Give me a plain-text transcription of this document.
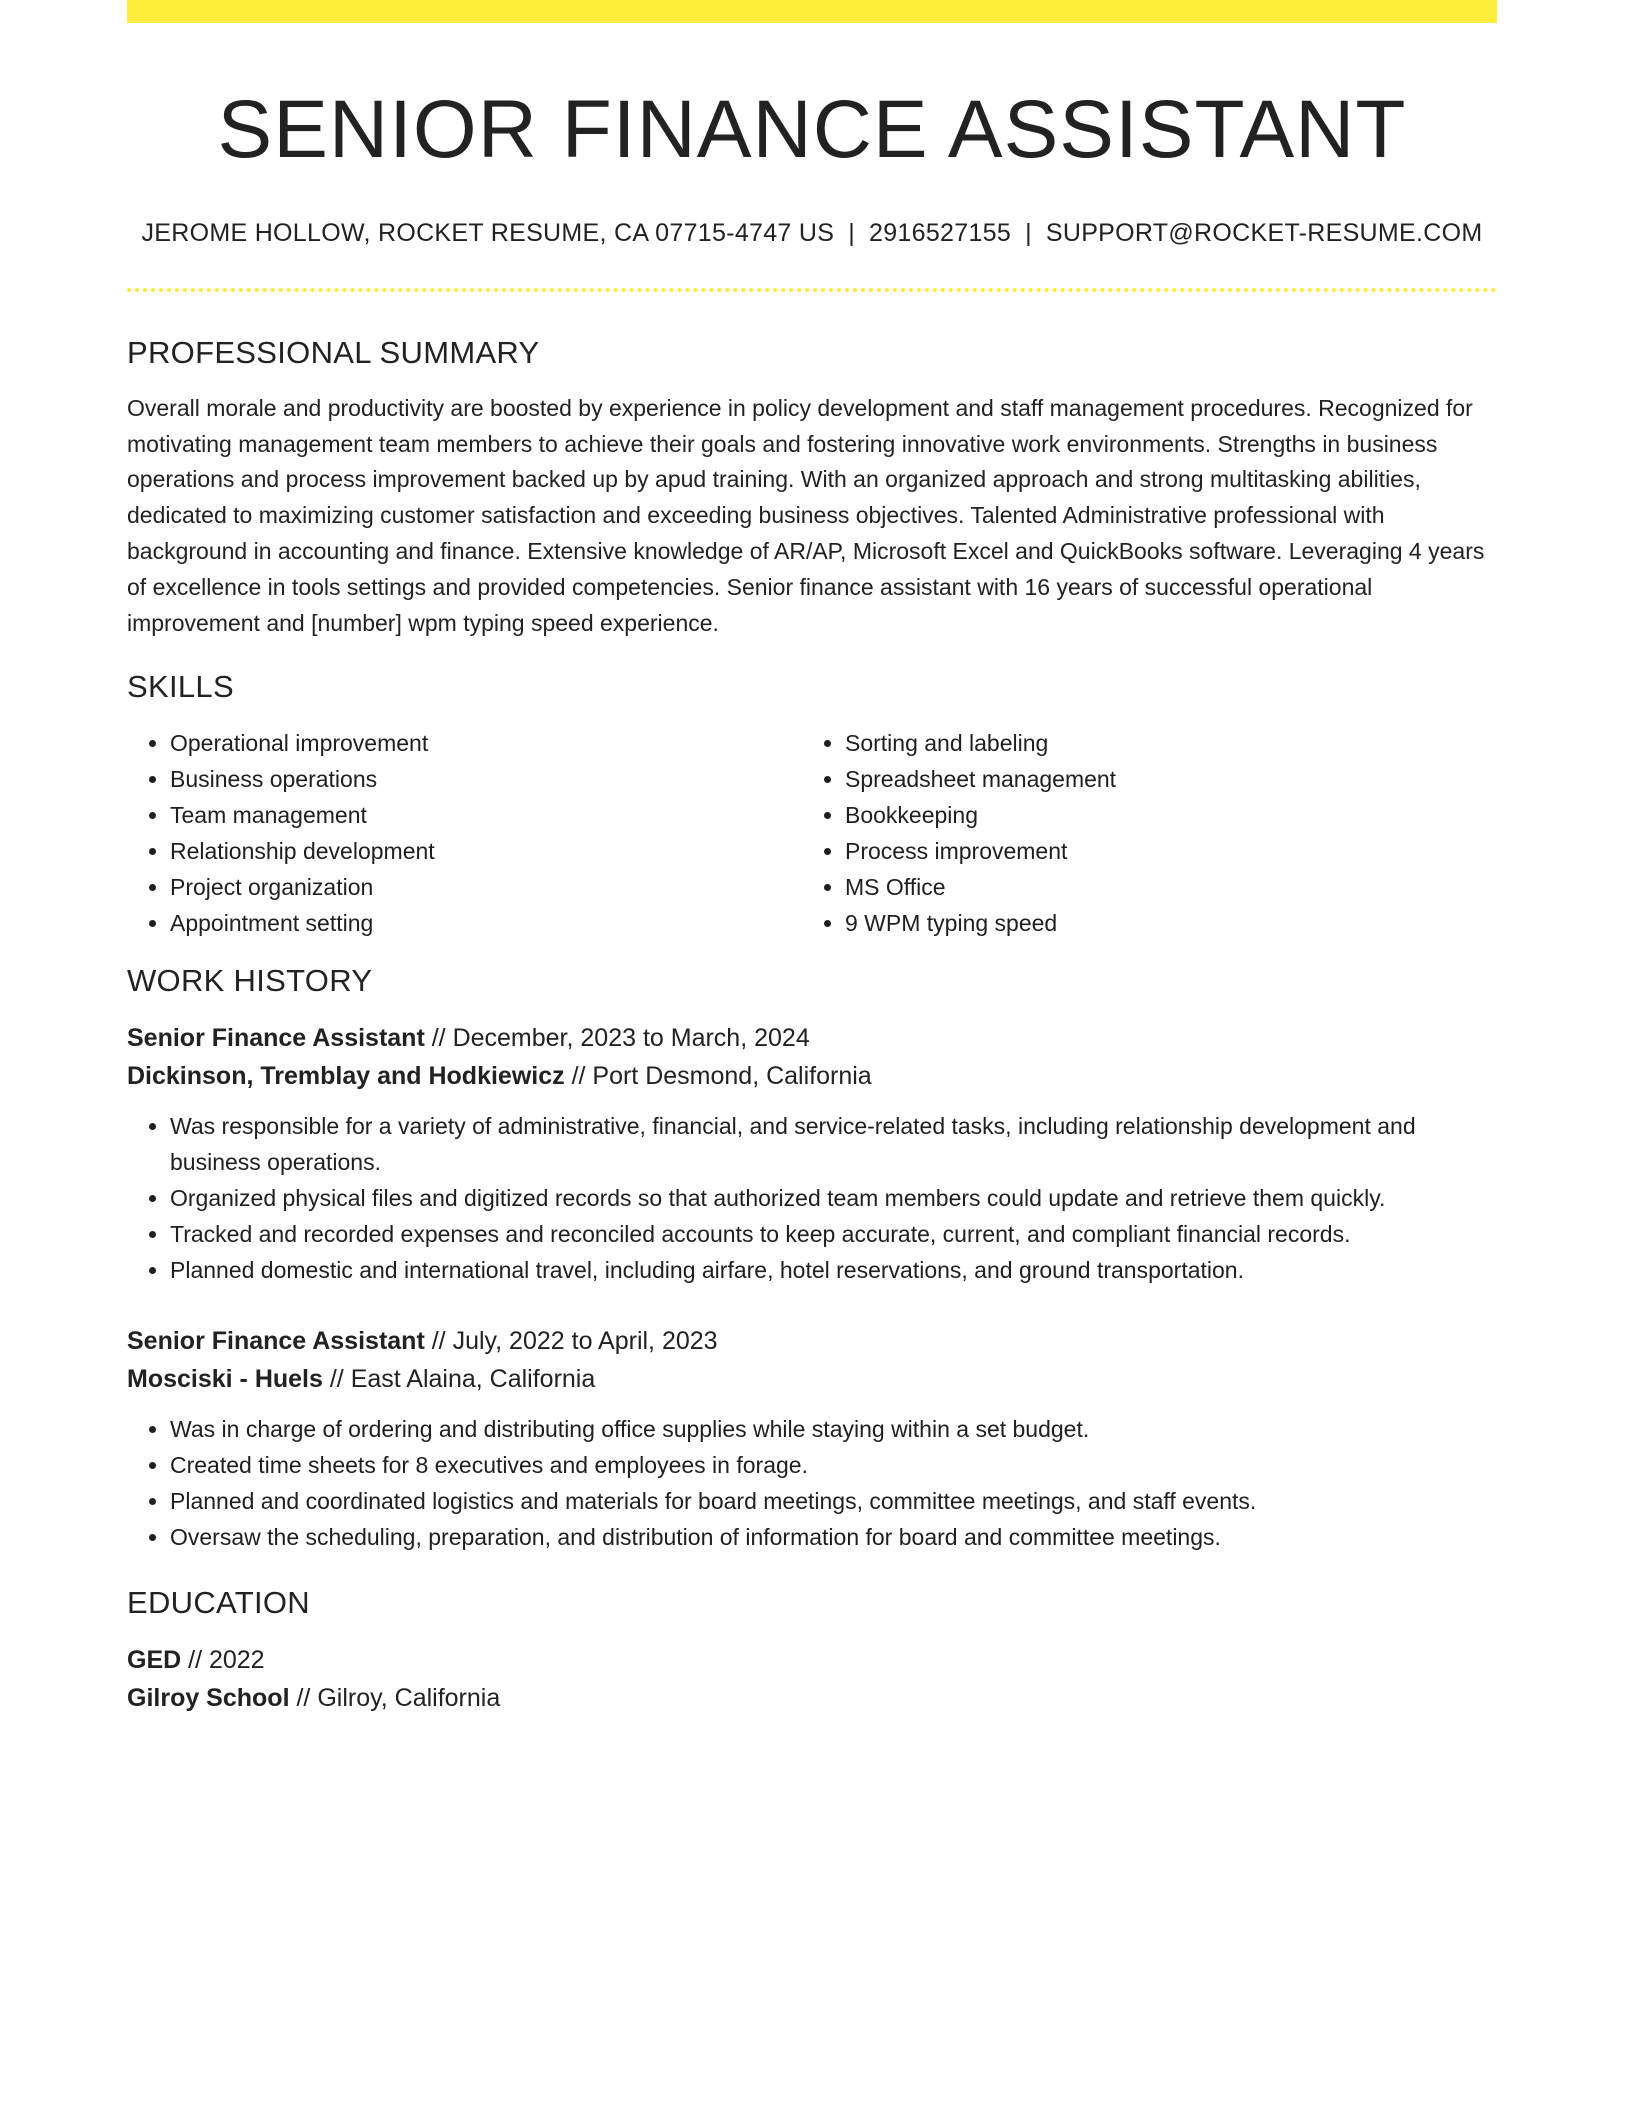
SENIOR FINANCE ASSISTANT
JEROME HOLLOW, ROCKET RESUME, CA 07715-4747 US | 2916527155 | SUPPORT@ROCKET-RESUME.COM
PROFESSIONAL SUMMARY

Overall morale and productivity are boosted by experience in policy development and staff management procedures. Recognized for motivating management team members to achieve their goals and fostering innovative work environments. Strengths in business operations and process improvement backed up by apud training. With an organized approach and strong multitasking abilities, dedicated to maximizing customer satisfaction and exceeding business objectives. Talented Administrative professional with background in accounting and finance. Extensive knowledge of AR/AP, Microsoft Excel and QuickBooks software. Leveraging 4 years of excellence in tools settings and provided competencies. Senior finance assistant with 16 years of successful operational improvement and [number] wpm typing speed experience.

SKILLS
• Operational improvement
• Business operations
• Team management
• Relationship development
• Project organization
• Appointment setting
• Sorting and labeling
• Spreadsheet management
• Bookkeeping
• Process improvement
• MS Office
• 9 WPM typing speed
WORK HISTORY
Senior Finance Assistant // December, 2023 to March, 2024
Dickinson, Tremblay and Hodkiewicz // Port Desmond, California
• Was responsible for a variety of administrative, financial, and service-related tasks, including relationship development and business operations.
• Organized physical files and digitized records so that authorized team members could update and retrieve them quickly.
• Tracked and recorded expenses and reconciled accounts to keep accurate, current, and compliant financial records.
• Planned domestic and international travel, including airfare, hotel reservations, and ground transportation.
Senior Finance Assistant // July, 2022 to April, 2023
Mosciski - Huels // East Alaina, California
• Was in charge of ordering and distributing office supplies while staying within a set budget.
• Created time sheets for 8 executives and employees in forage.
• Planned and coordinated logistics and materials for board meetings, committee meetings, and staff events.
• Oversaw the scheduling, preparation, and distribution of information for board and committee meetings.
EDUCATION
GED // 2022
Gilroy School // Gilroy, California
